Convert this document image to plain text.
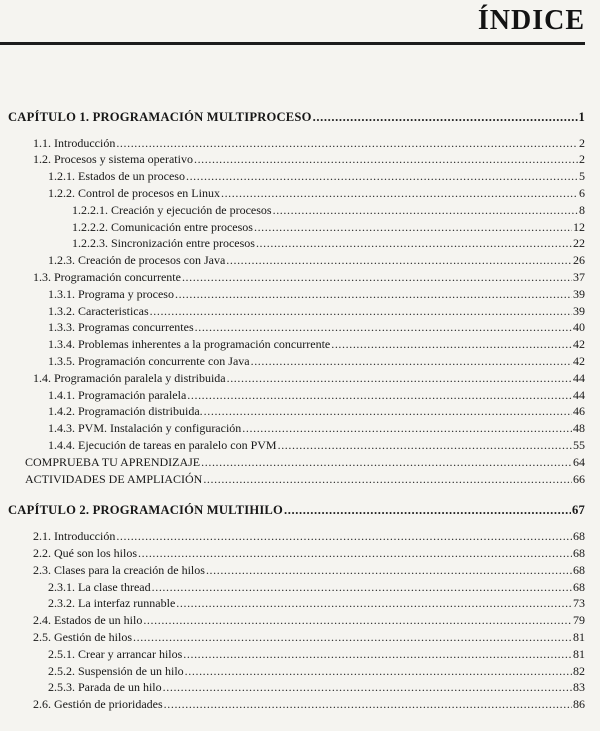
ÍNDICE
CAPÍTULO 1. PROGRAMACIÓN MULTIPROCESO .....	1
1.1. Introducción .....	2
1.2. Procesos y sistema operativo .....	2
1.2.1. Estados de un proceso .....	5
1.2.2. Control de procesos en Linux .....	6
1.2.2.1. Creación y ejecución de procesos .....	8
1.2.2.2. Comunicación entre procesos .....	12
1.2.2.3. Sincronización entre procesos .....	22
1.2.3. Creación de procesos con Java .....	26
1.3. Programación concurrente .....	37
1.3.1. Programa y proceso .....	39
1.3.2. Caracteristicas .....	39
1.3.3. Programas concurrentes .....	40
1.3.4. Problemas inherentes a la programación concurrente .....	42
1.3.5. Programación concurrente con Java .....	42
1.4. Programación paralela y distribuida .....	44
1.4.1. Programación paralela .....	44
1.4.2. Programación distribuida. .....	46
1.4.3. PVM. Instalación y configuración .....	48
1.4.4. Ejecución de tareas en paralelo con PVM .....	55
COMPRUEBA TU APRENDIZAJE .....	64
ACTIVIDADES DE AMPLIACIÓN .....	66
CAPÍTULO 2. PROGRAMACIÓN MULTIHILO .....	67
2.1. Introducción .....	68
2.2. Qué son los hilos .....	68
2.3. Clases para la creación de hilos .....	68
2.3.1. La clase thread .....	68
2.3.2. La interfaz runnable .....	73
2.4. Estados de un hilo .....	79
2.5. Gestión de hilos .....	81
2.5.1. Crear y arrancar hilos .....	81
2.5.2. Suspensión de un hilo .....	82
2.5.3. Parada de un hilo .....	83
2.6. Gestión de prioridades .....	86
